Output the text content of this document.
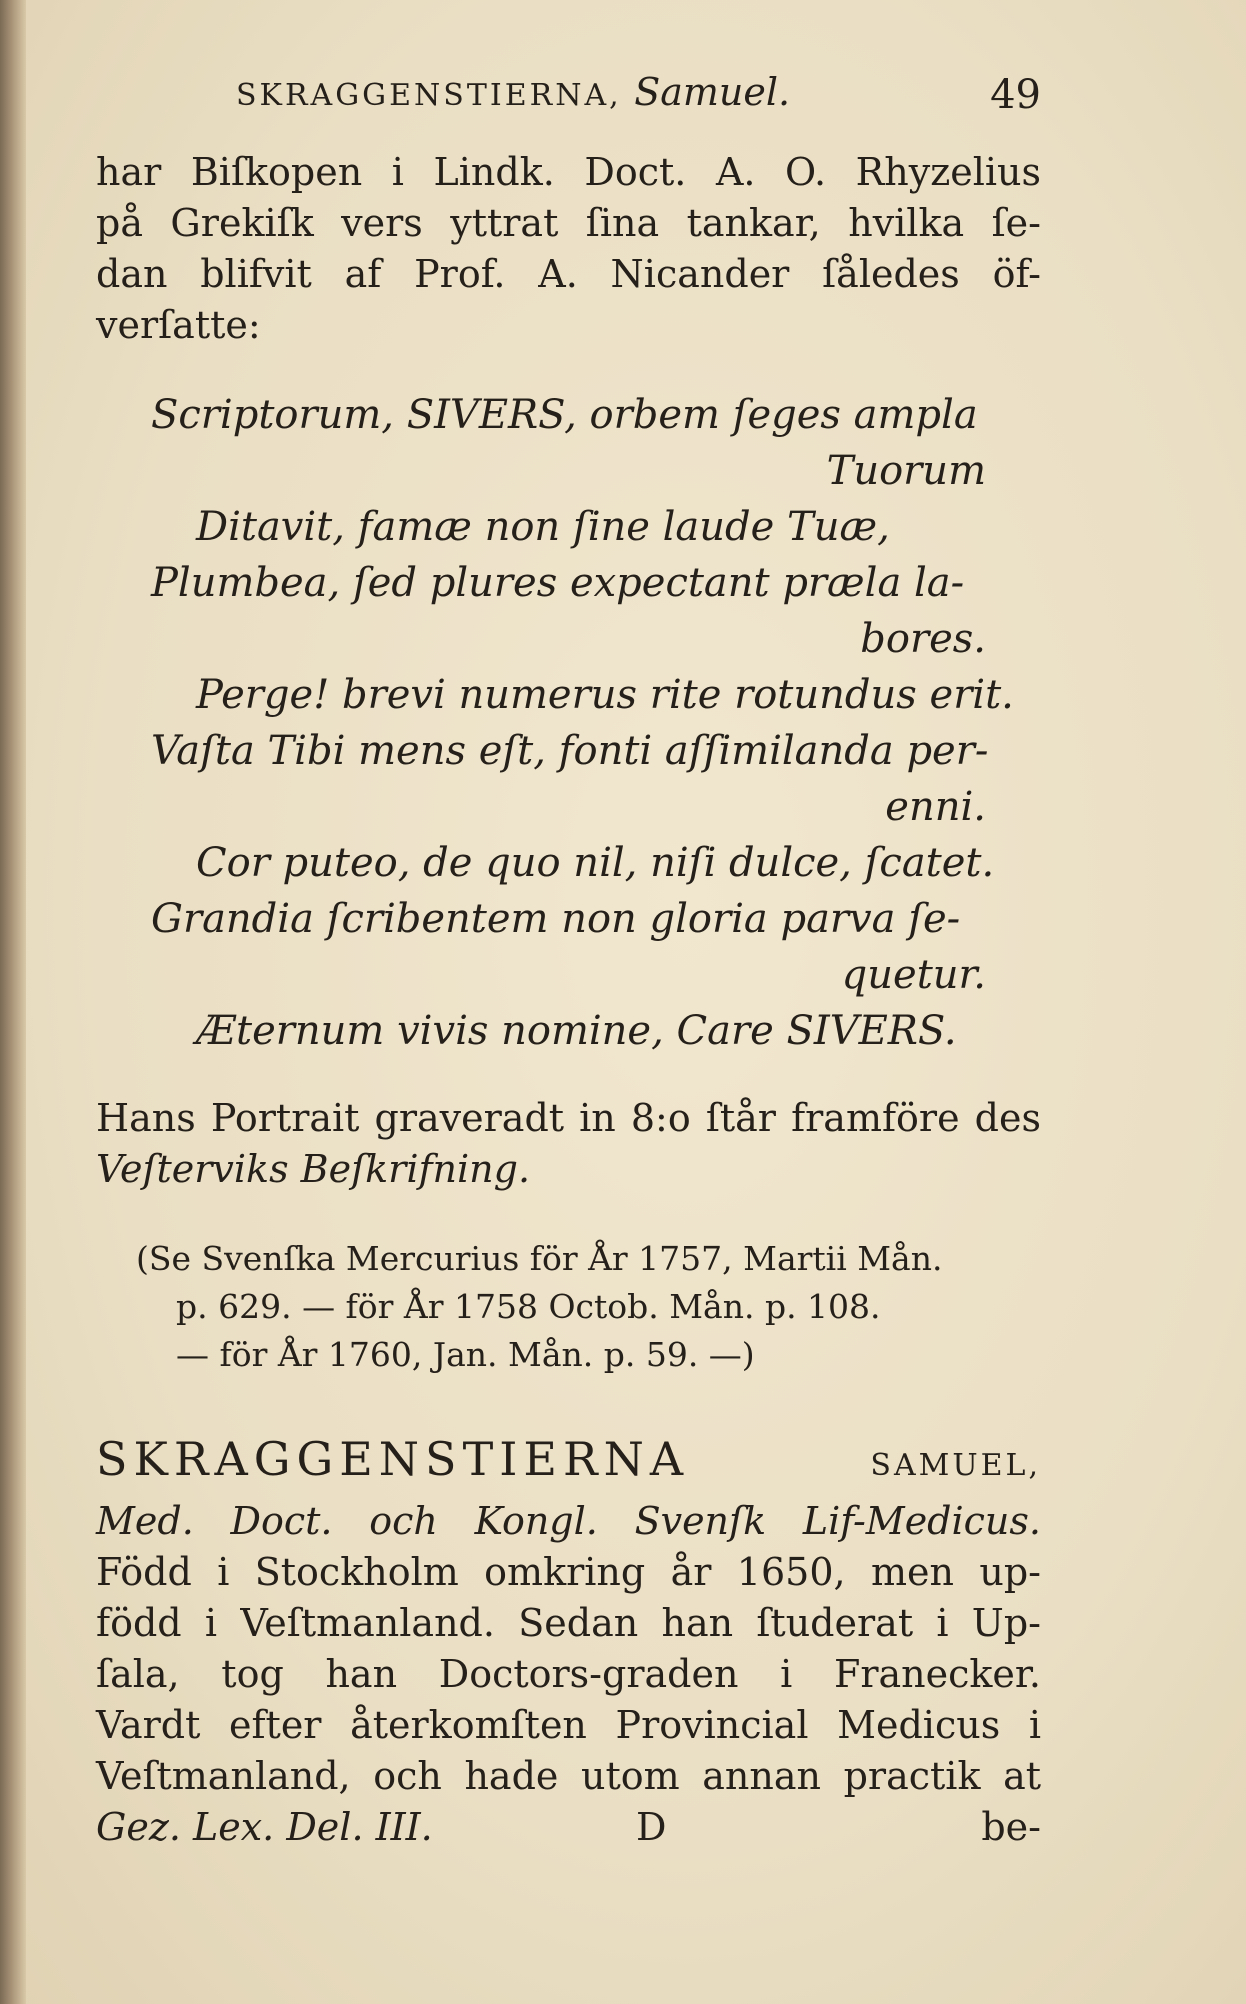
SKRAGGENSTIERNA, Samuel.	49

har Biſkopen i Lindk. Doct. A. O. Rhyzelius

på Grekiſk vers yttrat ſina tankar, hvilka ſe-

dan blifvit af Prof. A. Nicander ſåledes öf-

verſatte:

Scriptorum, SIVERS, orbem ſeges ampla
Tuorum
Ditavit, famæ non ſine laude Tuæ,
Plumbea, ſed plures expectant præla la-
bores.
Perge! brevi numerus rite rotundus erit.
Vaſta Tibi mens eſt, fonti aſſimilanda per-
enni.
Cor puteo, de quo nil, niſi dulce, ſcatet.
Grandia ſcribentem non gloria parva ſe-
quetur.
Æternum vivis nomine, Care SIVERS.

Hans Portrait graveradt in 8:o ſtår framföre des

Veſterviks Beſkrifning.

(Se Svenſka Mercurius för År 1757, Martii Mån.

p. 629. — för År 1758 Octob. Mån. p. 108.

— för År 1760, Jan. Mån. p. 59. —)

SKRAGGENSTIERNA	SAMUEL,

Med. Doct. och Kongl. Svenſk Lif-Medicus.

Född i Stockholm omkring år 1650, men up-

född i Veſtmanland. Sedan han ſtuderat i Up-

ſala, tog han Doctors-graden i Franecker.

Vardt efter återkomſten Provincial Medicus i

Veſtmanland, och hade utom annan practik at

Gez. Lex. Del. III.	D	be-
